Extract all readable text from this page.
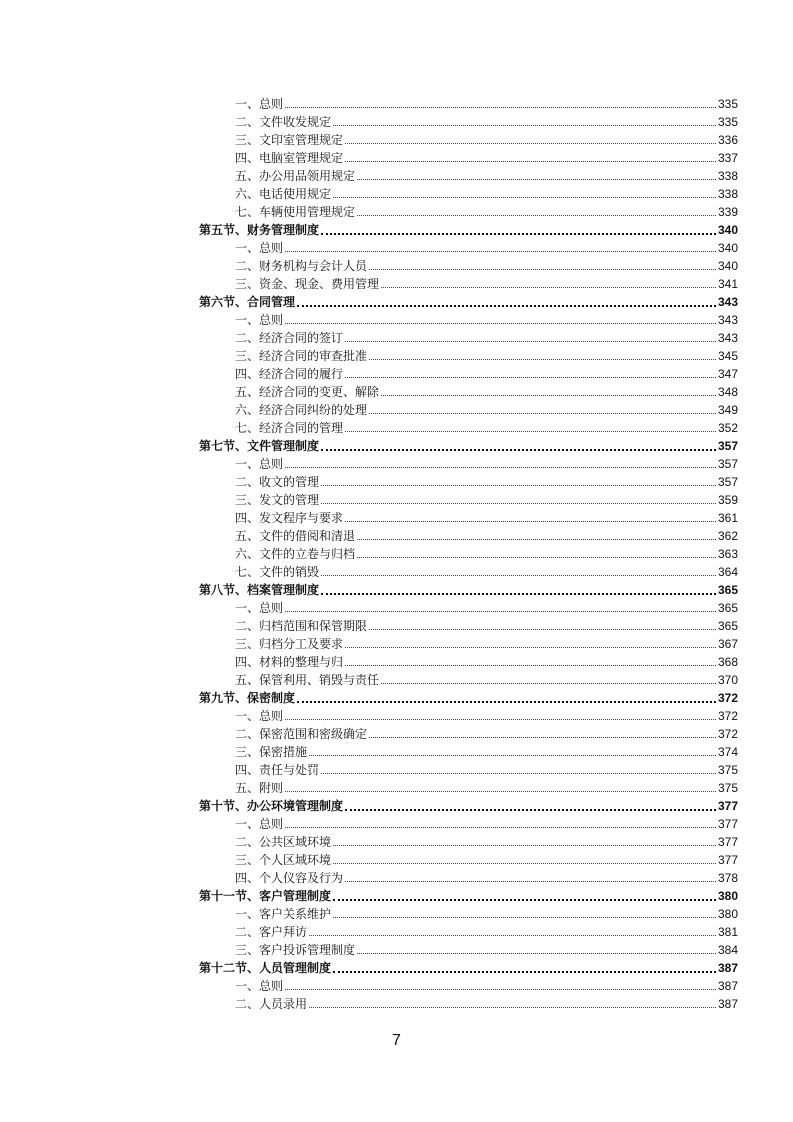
一、总则	335
二、文件收发规定	335
三、文印室管理规定	336
四、电脑室管理规定	337
五、办公用品领用规定	338
六、电话使用规定	338
七、车辆使用管理规定	339
第五节、财务管理制度	340
一、总则	340
二、财务机构与会计人员	340
三、资金、现金、费用管理	341
第六节、合同管理	343
一、总则	343
二、经济合同的签订	343
三、经济合同的审查批准	345
四、经济合同的履行	347
五、经济合同的变更、解除	348
六、经济合同纠纷的处理	349
七、经济合同的管理	352
第七节、文件管理制度	357
一、总则	357
二、收文的管理	357
三、发文的管理	359
四、发文程序与要求	361
五、文件的借阅和清退	362
六、文件的立卷与归档	363
七、文件的销毁	364
第八节、档案管理制度	365
一、总则	365
二、归档范围和保管期限	365
三、归档分工及要求	367
四、材料的整理与归	368
五、保管利用、销毁与责任	370
第九节、保密制度	372
一、总则	372
二、保密范围和密级确定	372
三、保密措施	374
四、责任与处罚	375
五、附则	375
第十节、办公环境管理制度	377
一、总则	377
二、公共区域环境	377
三、个人区域环境	377
四、个人仪容及行为	378
第十一节、客户管理制度	380
一、客户关系维护	380
二、客户拜访	381
三、客户投诉管理制度	384
第十二节、人员管理制度	387
一、总则	387
二、人员录用	387
7
